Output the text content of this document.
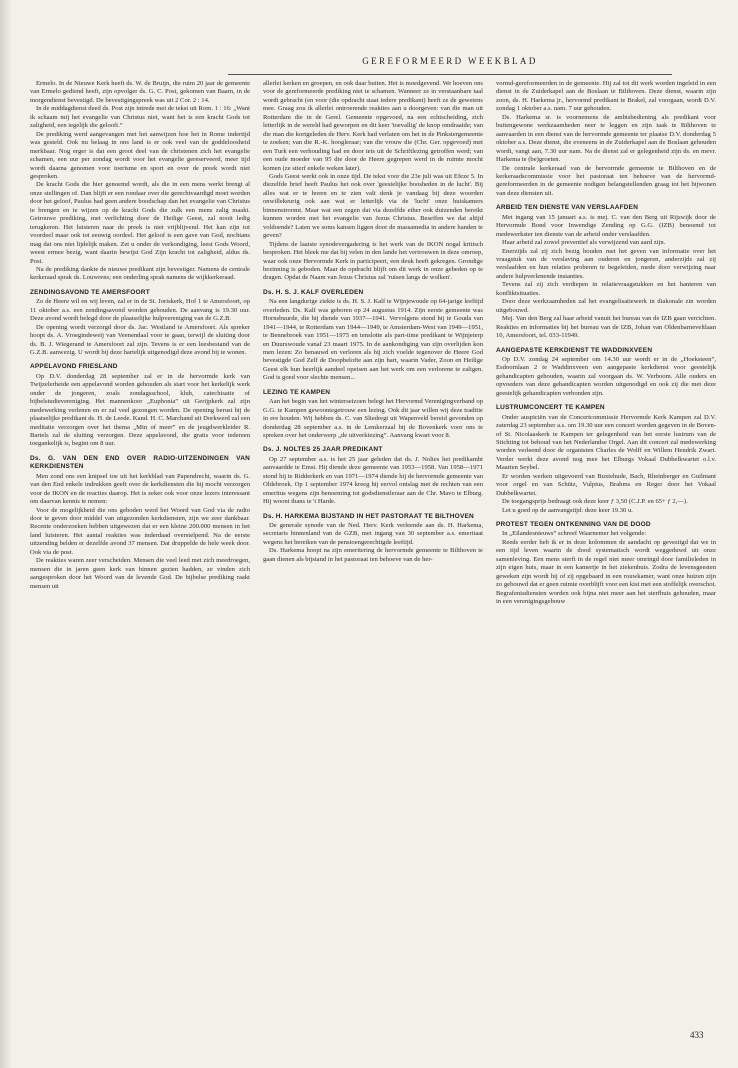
GEREFORMEERD WEEKBLAD

Ermelo. In de Nieuwe Kerk heeft ds. W. de Bruijn, die ruim 20 jaar de gemeente van Ermelo gediend heeft, zijn opvolger ds. G. C. Post, gekomen van Baarn, in de morgendienst bevestigd. De bevestigingspreek was uit 2 Cor. 2 : 14.

In de middagdienst deed ds. Post zijn intrede met de tekst uit Rom. 1 : 16: „Want ik schaam mij het evangelie van Christus niet, want het is een kracht Gods tot zaligheid, een iegelijk die gelooft.”

De prediking werd aangevangen met het aanwijzen hoe het in Rome indertijd was gesteld. Ook nu belaag in ons land is er ook veel van de goddeloosheid merkbaar. Nog erger is dat een groot deel van de christenen zich het evangelie schamen, een uur per zondag wordt voor het evangelie gereserveerd, meer tijd wordt daarna genomen voor toerisme en sport en over de preek wordt niet gesproken.

De kracht Gods die hier genoemd wordt, als die in een mens werkt brengt al onze stellingen of. Dan blijft er een rondaar over die gerechtvaardigd moet worden door het geloof, Paulus had geen andere boodschap dan het evangelie van Christus te brengen en te wijzen op de kracht Gods die zulk een mens zalig maakt. Getrouwe prediking, met verlichting door de Heilige Geest, zal nooit ledig terugkeren. Het luisteren naar de preek is niet vrijblijvend. Het kan zijn tot voordeel maar ook tot eeuwig oordeel. Het geloof is een gave van God, nochtans mag dat ons niet lijdelijk maken. Zet u onder de verkondiging, leest Gods Woord, weest ermee bezig, want daarin bewijst God Zijn kracht tot zaligheid, aldus ds. Post.

Na de prediking dankte de nieuwe predikant zijn bevestiger. Namens de centrale kerkeraad sprak ds. Louwrens; een onderling sprak namens de wijkkerkeraad.

ZENDINGSAVOND TE AMERSFOORT

Zo de Heere wil en wij leven, zal er in de St. Joriskerk, Hof 1 te Amersfoort, op 11 oktober a.s. een zendingsavond worden gehouden. De aanvang is 19.30 uur. Deze avond wordt belegd door de plaatselijke hulpvereniging van de G.Z.B.

De opening wordt verzorgd door ds. Jac. Westland te Amersfoort. Als spreker hoopt ds. A. Vroegindeweij van Veenendaal voor te gaan, terwijl de sluiting door ds. B. J. Wiegerand te Amersfoort zal zijn. Tevens is er een leesbestand van de G.Z.B. aanwezig. U wordt bij deze hartelijk uitgenodigd deze avond bij te wonen.

APPELAVOND FRIESLAND

Op D.V. donderdag 28 september zal er in de hervormde kerk van Twijzelerheide een appelavond worden gehouden als start voor het kerkelijk werk onder de jongeren, zoals zondagsschool, klub, catechisatie of bijbelstudievereniging. Het mannenkoor „Euphonia” uit Gerijpkerk zal zijn medewerking verlenen en er zal veel gezongen worden. De opening berust bij de plaatselijke predikant ds. H. de Leede. Kand. H. C. Marchand uit Dorkwerd zal een meditatie verzorgen over het thema „Min of meer” en de jeugdwerkleider R. Bartels zal de sluiting verzorgen. Deze appelavond, die gratis voor iedereen toegankelijk is, begint om 8 uur.

Ds. G. VAN DEN END OVER RADIO-UITZENDINGEN VAN KERKDIENSTEN

Men zond ons een knipsel toe uit het kerkblad van Papendrecht, waarin ds. G. van den End enkele indrukken geeft over de kerkdiensten die hij mocht verzorgen voor de IKON en de reacties daarop. Het is zeker ook voor onze lezers interessant om daarvan kennis te nemen:

Voor de mogelijkheid die ons geboden werd het Woord van God via de radio door te geven door middel van uitgezonden kerkdiensten, zijn we zeer dankbaar. Recente onderzoeken hebben uitgewezen dat er een kleine 200.000 mensen in het land luisteren. Het aantal reakties was inderdaad overstelpend. Na de eerste uitzending belden er dezelfde avond 37 mensen. Dat druppelde de hele week door. Ook via de post.

De reakties waren zeer verscheiden. Mensen die veel leed met zich meedroegen, mensen die in jaren geen kerk van binnen gezien hadden, ze vinden zich aangesproken door het Woord van de levende God. De bijbelse prediking raakt mensen uit

allerlei kerken en groepen, en ook daar buiten. Het is moedgevend. We hoeven ons voor de gereformeerde prediking niet te schamen. Wanneer ze in verstaanbare taal wordt gebracht (en voor (die opdracht staat iedere predikant) heeft ze de gewetens mee. Graag zou ik allerlei ontroerende reakties aan u doorgeven: van die man uit Rotterdam die in de Gerel. Gemeente opgevoed, na een echtscheiding, zich letterlijk in de wereld had geworpen en dit keer 'toevallig' de knop omdraaide; van die man die kortgeleden de Herv. Kerk had verlaten om het in de Pinkstergemeente te zoeken; van die R.-K. hoogleraar; van die vrouw die (Chr. Ger. opgevoed) met een Turk een verhouding had en door iets uit de Schriftlezing getroffen werd; van een oude moeder van 95 die door de Heere gegrepen werd in de ruimte mocht komen (ze stierf enkele weken later).

Gods Geest werkt ook in onze tijd. De tekst voor die 23e juli was uit Efeze 5. In diezelfde brief heeft Paulus het ook over 'geestelijke boosheden in de lucht'. Bij alles wat er te horen en te zien valt denk je vandaag bij deze woorden onwillekeurig ook aan wat er letterlijk via de 'lucht' onze huiskamers binnenstroomt. Maar wat een zegen dat via dezelfde ether ook duizenden bereikt kunnen worden met het evangelie van Jezus Christus. Beseffen we dat altijd voldoende? Laten we soms kansen liggen door de massamedia in andere handen te geven?

Tijdens de laatste synodevergadering is het werk van de IKON nogal kritisch besproken. Het bleek me dat bij velen in den lande het vertrouwen in deze omroep, waar ook onze Hervormde Kerk in participeert, een deuk heeft gekregen. Grondige bezinning is geboden. Maar de opdracht blijft om dit werk in onze gebeden op te dragen. Opdat de Naam van Jezus Christus zal 'ruisen langs de wolken'.

Ds. H. S. J. KALF OVERLEDEN

Na een langdurige ziekte is ds. H. S. J. Kalf te Wijnjewoude op 64-jarige leeftijd overleden. Ds. Kalf was geboren op 24 augustus 1914. Zijn eerste gemeente was Hornsbuurde, die hij diende van 1937—1941. Vervolgens stond hij te Gouda van 1941—1944, te Rotterdam van 1944—1949, te Amsterdam-West van 1949—1951, te Bennebroek van 1951—1975 en tenslotte als part-time predikant te Wijnjeterp en Duurswoude vanaf 23 maart 1975. In de aankondiging van zijn overlijden kon men lezen: Zo benauwd en verloren als hij zich voelde tegenover de Heere God bevestigde God Zelf de Doopbelofte aan zijn hart, waarin Vader, Zoon en Heilige Geest elk hun heerlijk aandeel opeisen aan het werk om een verlorene te zaligen. God is goed voor slechte mensen...

LEZING TE KAMPEN

Aan het begin van het winterseizoen belegt het Hervormd Verenigingverband op G.G. te Kampen gewoontegetrouw een lezing. Ook dit jaar willen wij deze traditie in ere houden. Wij hebben ds. C. van Sliedregt uit Wapenveld bereid gevonden op donderdag 28 september a.s. in de Lemkerzaal bij de Bovenkerk voor ons te spreken over het onderwerp „de uitverkiezing”. Aanvang kwart voor 8.

Ds. J. NOLTES 25 JAAR PREDIKANT

Op 27 september a.s. is het 25 jaar geleden dat ds. J. Noltes het predikambt aanvaardde te Emst. Hij diende deze gemeente van 1953—1958. Van 1958—1971 stond hij te Ridderkerk en van 1971—1974 diende hij de hervormde gemeente van Oldebroek. Op 1 september 1974 kreeg hij eervol ontslag met de rechten van een emeritus wegens zijn benoeming tot godsdienstleraar aan de Chr. Mavo te Elburg. Hij woont thans te 't Harde.

Ds. H. HARKEMA BIJSTAND IN HET PASTORAAT TE BILTHOVEN

De generale synode van de Ned. Herv. Kerk verleende aan ds. H. Harkema, secretaris binnenland van de GZB, met ingang van 30 september a.s. emeritaat wegens het bereiken van de pensioengerechtigde leeftijd.

Ds. Harkema hoopt na zijn emeritering de hervormde gemeente te Bilthoven te gaan dienen als bijstand in het pastoraat ten behoeve van de her-

vormd-gereformeerden in de gemeente. Hij zal tot dit werk worden ingeleid in een dienst in de Zuiderkapel aan de Boslaan te Bilthoven. Deze dienst, waarin zijn zoon, ds. H. Harkema jr., hervormd predikant te Brakel, zal voorgaan, wordt D.V. zondag 1 oktober a.s. nam. 7 uur gehouden.

Ds. Harkema sr. is voornemens de ambtsbediening als predikant voor buitengewone werkzaamheden neer te leggen en zijn taak te Bilthoven te aanvaarden in een dienst van de hervormde gemeente ter plaatse D.V. donderdag 5 oktober a.s. Deze dienst, die eveneens in de Zuiderkapel aan de Boslaan gehouden wordt, vangt aan, 7.30 uur nam. Na de dienst zal er gelegenheid zijn ds. en mevr. Harkema te (be)groeten.

De centrale kerkeraad van de hervormde gemeente te Bilthoven en de kerkeraadscommissie voor het pastoraat ten behoeve van de hervormd-gereformeerden in de gemeente nodigen belangstellenden graag tot het bijwonen van deze diensten uit.

ARBEID TEN DIENSTE VAN VERSLAAFDEN

Met ingang van 15 januari a.s. is mej. C. van den Berg uit Rijswijk door de Hervormde Bond voor Inwendige Zending op G.G. (IZB) benoemd tot medewerkster ten dienste van de arbeid onder verslaafden.

Haar arbeid zal zowel preventief als verwijzend van aard zijn.

Enerzijds zal zij zich bezig houden met het geven van informatie over het vraagstuk van de verslaving aan ouderen en jongeren, anderzijds zal zij verslaafden en hun relaties proberen te begeleiden, mede door verwijzing naar andere hulpverlenende instanties.

Tevens zal zij zich verdiepen in relatievraagstukken en het hanteren van konfliktsituaties.

Door deze werkzaamheden zal het evangelisatiewerk in diakonale zin worden uitgebouwd.

Mej. Van den Berg zal haar arbeid vanuit het bureau van de IZB gaan verrichten. Reakties en informaties bij het bureau van de IZB, Johan van Oldenbarneveltlaan 10, Amersfoort, tel. 033-11949.

AANGEPASTE KERKDIENST TE WADDINXVEEN

Op D.V. zondag 24 september om 14.30 uur wordt er in de „Hoeksteen”, Esdoornlaan 2 te Waddinxveen een aangepaste kerkdienst voor geestelijk gehandicapten gehouden, waarin zal voorgaan ds. W. Verboom. Alle ouders en opvoeders van deze gehandicapten worden uitgenodigd en ook zij die met deze geestelijk gehandicapten verbonden zijn.

LUSTRUMCONCERT TE KAMPEN

Onder auspiciën van de Concertcommissie Hervormde Kerk Kampen zal D.V. zaterdag 23 september a.s. om 19.30 uur een concert worden gegeven in de Boven- of St. Nicolaaskerk te Kampen ter gelegenheid van het eerste lustrum van de Stichting tot behoud van het Nederlandse Orgel. Aan dit concert zal medewerking worden verleend door de organisten Charles de Wolff en Willem Hendrik Zwart. Verder werkt deze avond nog mee het Elburgs Vokaal Dubbelkwartet o.l.v. Maarten Seybel.

Er worden werken uitgevoerd van Buxtehude, Bach, Rheinberger en Guilmant voor orgel en van Schütz, Vulpius, Brahms en Reger door het Vokaal Dubbelkwartet.

De toegangsprijs bedraagt ook deze keer ƒ 3,50 (C.J.P. en 65+ ƒ 2,—).

Let u goed op de aanvangstijd: deze keer 19.30 u.

PROTEST TEGEN ONTKENNING VAN DE DOOD

In „Eilandesnieuws” schreef Waarnemer het volgende:

Reeds eerder heb ik er in deze kolommen de aandacht op gevestigd dat we in een tijd leven waarin de dood systematisch wordt weggeduwd uit onze samenleving. Een mens sterft in de regel niet meer omringd door familieleden in zijn eigen huis, maar in een kamertje in het ziekenhuis. Zodra de levensgeesten geweken zijn wordt hij of zij opgebaard in een rouwkamer, want onze huizen zijn zo gebouwd dat er geen ruimte overblijft voor een kist met een stoffelijk overschot. Begrafenisdiensten worden ook bijna niet meer aan het sterfhuis gehouden, maar in een verenigingsgebouw

433
